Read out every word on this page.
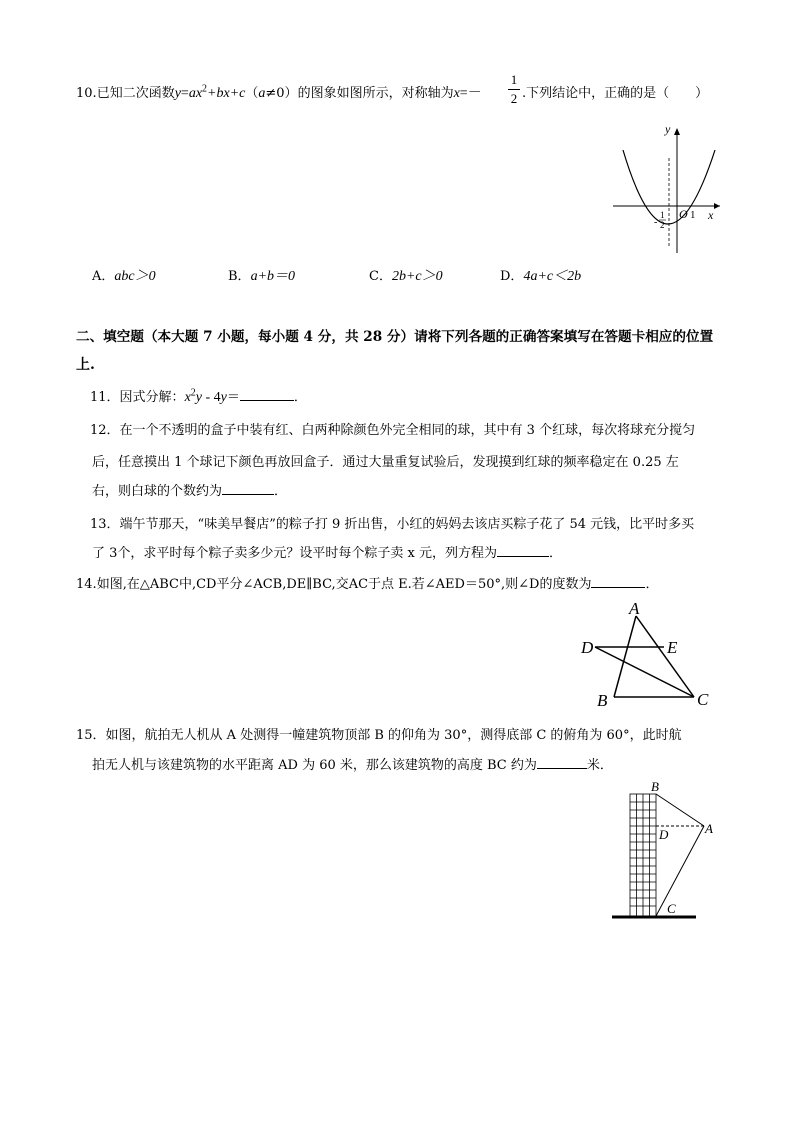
10.已知二次函数$y=ax^2+bx+c(a\ne 0)$的图象如图所示，对称轴为x=－
1
2 .下列结论中，正确的是（　　）
y
x
O 1
-
1
2
A．abc＞0	B．a+b＝0	C．2b+c＞0	D．4a+c＜2b
二、填空题（本大题 7 小题，每小题 4 分，共 28 分）请将下列各题的正确答案填写在答题卡相应的位置
上.
11．因式分解：$x^2y - 4y=$	．
12．在一个不透明的盒子中装有红、白两种除颜色外完全相同的球，其中有 3 个红球，每次将球充分搅匀
后，任意摸出 1 个球记下颜色再放回盒子．通过大量重复试验后，发现摸到红球的频率稳定在 0.25 左
右，则白球的个数约为	．
13．端午节那天，“味美早餐店”的粽子打 9 折出售，小红的妈妈去该店买粽子花了 54 元钱，比平时多买
了 3个，求平时每个粽子卖多少元？设平时每个粽子卖 x 元，列方程为	．
14.如图,在△ABC中,CD平分∠ACB,DE∥BC,交AC于点 E.若∠AED＝50°,则∠D的度数为	．
A
D	E
B	C
15．如图，航拍无人机从 A 处测得一幢建筑物顶部 B 的仰角为 30°，测得底部 C 的俯角为 60°，此时航
拍无人机与该建筑物的水平距离 AD 为 60 米，那么该建筑物的高度 BC 约为	米．
B
D	A
C
